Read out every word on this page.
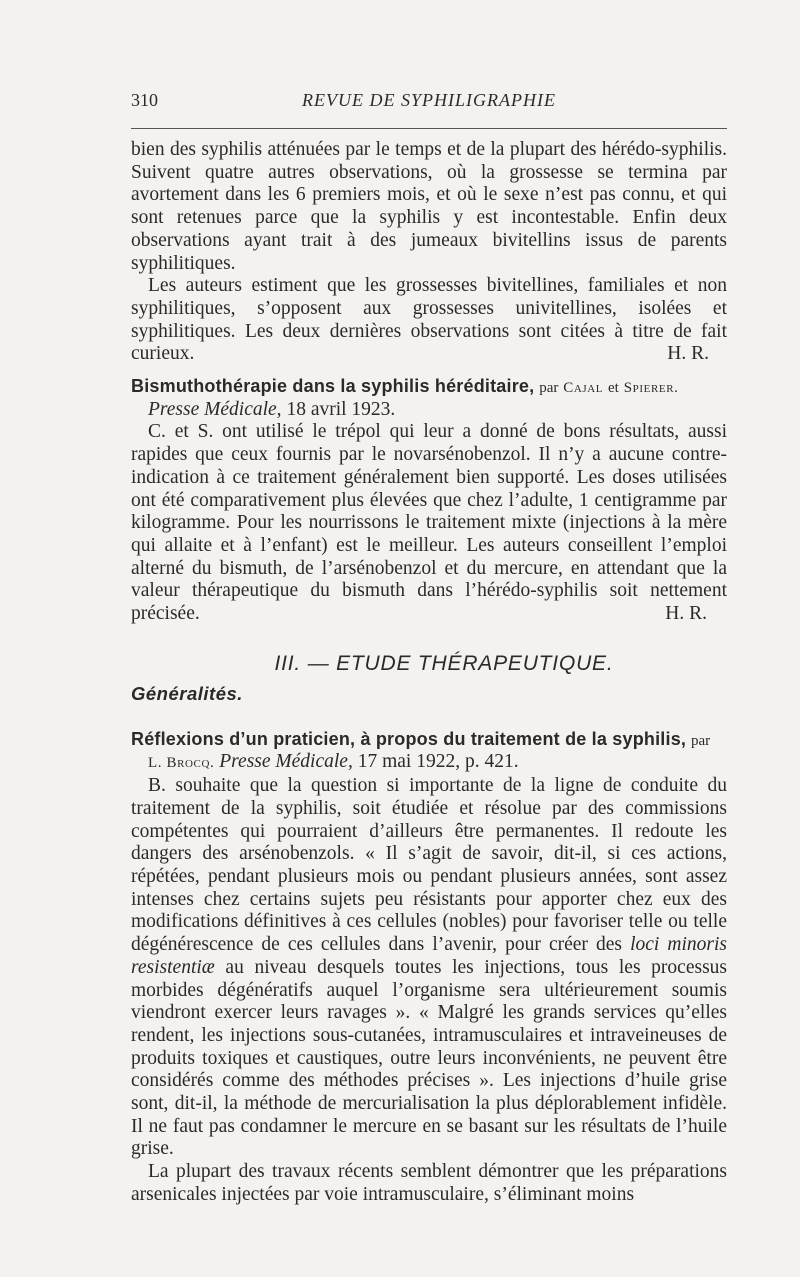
310	REVUE DE SYPHILIGRAPHIE

bien des syphilis atténuées par le temps et de la plupart des hérédo-syphilis. Suivent quatre autres observations, où la grossesse se termina par avortement dans les 6 premiers mois, et où le sexe n’est pas connu, et qui sont retenues parce que la syphilis y est incontestable. Enfin deux observations ayant trait à des jumeaux bivitellins issus de parents syphilitiques.

Les auteurs estiment que les grossesses bivitellines, familiales et non syphilitiques, s’opposent aux grossesses univitellines, isolées et syphilitiques. Les deux dernières observations sont citées à titre de fait curieux.	H. R.

Bismuthothérapie dans la syphilis héréditaire, par Cajal et Spierer.

Presse Médicale, 18 avril 1923.

C. et S. ont utilisé le trépol qui leur a donné de bons résultats, aussi rapides que ceux fournis par le novarsénobenzol. Il n’y a aucune contre-indication à ce traitement généralement bien supporté. Les doses utilisées ont été comparativement plus élevées que chez l’adulte, 1 centigramme par kilogramme. Pour les nourrissons le traitement mixte (injections à la mère qui allaite et à l’enfant) est le meilleur. Les auteurs conseillent l’emploi alterné du bismuth, de l’arsénobenzol et du mercure, en attendant que la valeur thérapeutique du bismuth dans l’hérédo-syphilis soit nettement précisée.	H. R.

III. — ETUDE THÉRAPEUTIQUE.

Généralités.

Réflexions d’un praticien, à propos du traitement de la syphilis, par

L. Brocq. Presse Médicale, 17 mai 1922, p. 421.

B. souhaite que la question si importante de la ligne de conduite du traitement de la syphilis, soit étudiée et résolue par des commissions compétentes qui pourraient d’ailleurs être permanentes. Il redoute les dangers des arsénobenzols. « Il s’agit de savoir, dit-il, si ces actions, répétées, pendant plusieurs mois ou pendant plusieurs années, sont assez intenses chez certains sujets peu résistants pour apporter chez eux des modifications définitives à ces cellules (nobles) pour favoriser telle ou telle dégénérescence de ces cellules dans l’avenir, pour créer des loci minoris resistentiæ au niveau desquels toutes les injections, tous les processus morbides dégénératifs auquel l’organisme sera ultérieurement soumis viendront exercer leurs ravages ». « Malgré les grands services qu’elles rendent, les injections sous-cutanées, intramusculaires et intraveineuses de produits toxiques et caustiques, outre leurs inconvénients, ne peuvent être considérés comme des méthodes précises ». Les injections d’huile grise sont, dit-il, la méthode de mercurialisation la plus déplorablement infidèle. Il ne faut pas condamner le mercure en se basant sur les résultats de l’huile grise.

La plupart des travaux récents semblent démontrer que les préparations arsenicales injectées par voie intramusculaire, s’éliminant moins
